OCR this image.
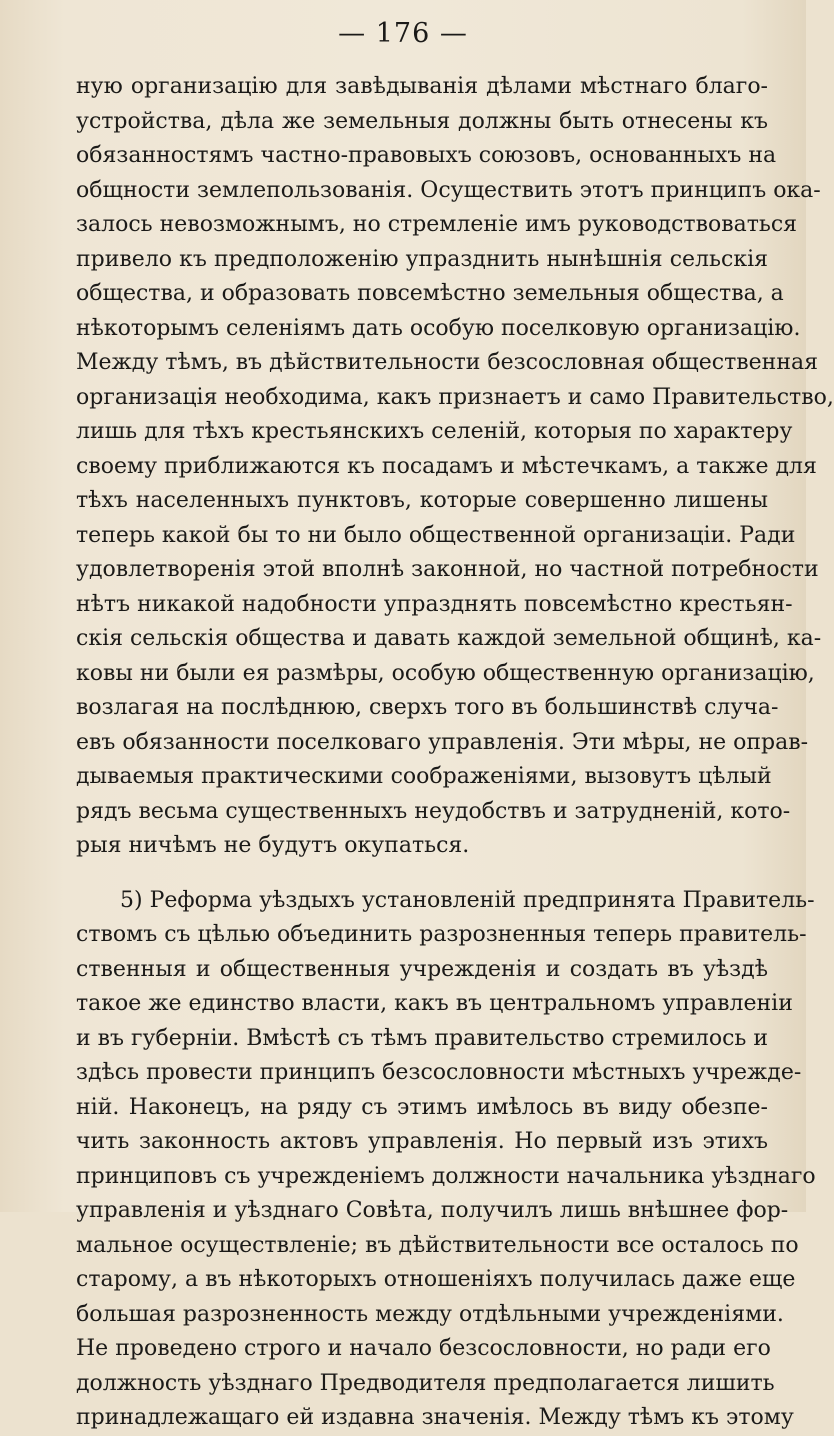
— 176 —
ную организацію для завѣдыванія дѣлами мѣстнаго благо-
устройства, дѣла же земельныя должны быть отнесены къ
обязанностямъ частно-правовыхъ союзовъ, основанныхъ на
общности землепользованія. Осуществить этотъ принципъ ока-
залось невозможнымъ, но стремленіе имъ руководствоваться
привело къ предположенію упразднить нынѣшнія сельскія
общества, и образовать повсемѣстно земельныя общества, а
нѣкоторымъ селеніямъ дать особую поселковую организацію.
Между тѣмъ, въ дѣйствительности безсословная общественная
организація необходима, какъ признаетъ и само Правительство,
лишь для тѣхъ крестьянскихъ селеній, которыя по характеру
своему приближаются къ посадамъ и мѣстечкамъ, а также для
тѣхъ населенныхъ пунктовъ, которые совершенно лишены
теперь какой бы то ни было общественной организаціи. Ради
удовлетворенія этой вполнѣ законной, но частной потребности
нѣтъ никакой надобности упразднять повсемѣстно крестьян-
скія сельскія общества и давать каждой земельной общинѣ, ка-
ковы ни были ея размѣры, особую общественную организацію,
возлагая на послѣднюю, сверхъ того въ большинствѣ случа-
евъ обязанности поселковаго управленія. Эти мѣры, не оправ-
дываемыя практическими соображеніями, вызовутъ цѣлый
рядъ весьма существенныхъ неудобствъ и затрудненій, кото-
рыя ничѣмъ не будутъ окупаться.
5) Реформа уѣздыхъ установленій предпринята Правитель-
ствомъ съ цѣлью объединить разрозненныя теперь правитель-
ственныя и общественныя учрежденія и создать въ уѣздѣ
такое же единство власти, какъ въ центральномъ управленіи
и въ губерніи. Вмѣстѣ съ тѣмъ правительство стремилось и
здѣсь провести принципъ безсословности мѣстныхъ учрежде-
ній. Наконецъ, на ряду съ этимъ имѣлось въ виду обезпе-
чить законность актовъ управленія. Но первый изъ этихъ
принциповъ съ учрежденіемъ должности начальника уѣзднаго
управленія и уѣзднаго Совѣта, получилъ лишь внѣшнее фор-
мальное осуществленіе; въ дѣйствительности все осталось по
старому, а въ нѣкоторыхъ отношеніяхъ получилась даже еще
большая разрозненность между отдѣльными учрежденіями.
Не проведено строго и начало безсословности, но ради его
должность уѣзднаго Предводителя предполагается лишить
принадлежащаго ей издавна значенія. Между тѣмъ къ этому
